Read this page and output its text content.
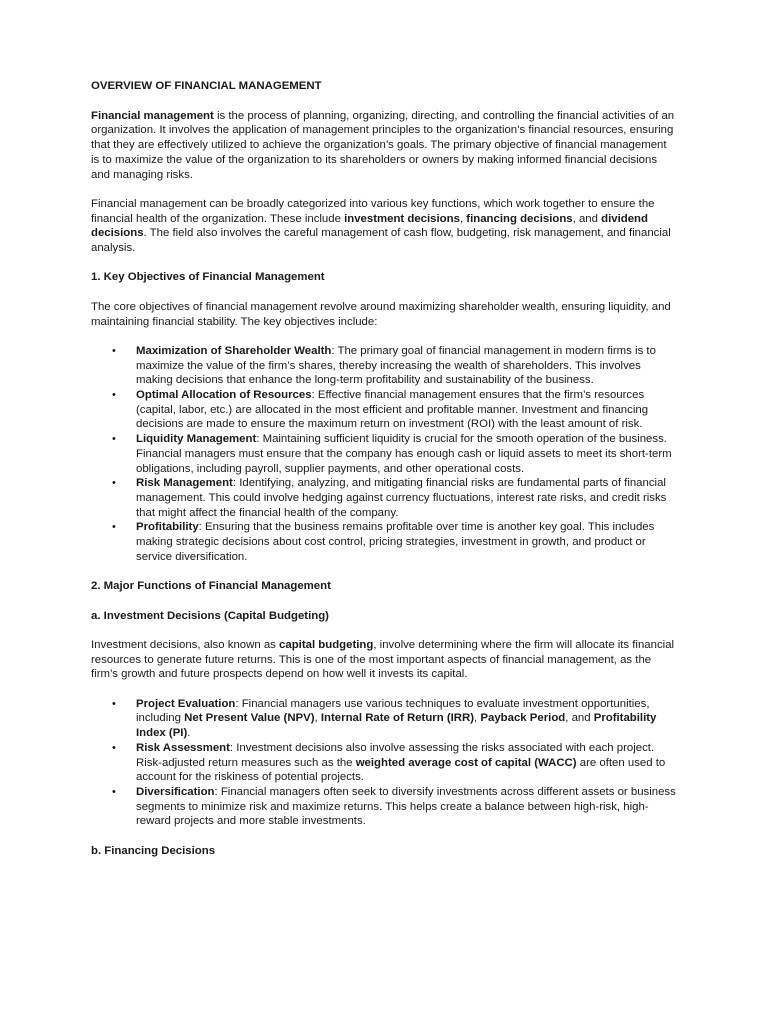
OVERVIEW OF FINANCIAL MANAGEMENT

Financial management is the process of planning, organizing, directing, and controlling the financial activities of an organization. It involves the application of management principles to the organization’s financial resources, ensuring that they are effectively utilized to achieve the organization’s goals. The primary objective of financial management is to maximize the value of the organization to its shareholders or owners by making informed financial decisions and managing risks.

Financial management can be broadly categorized into various key functions, which work together to ensure the financial health of the organization. These include investment decisions, financing decisions, and dividend decisions. The field also involves the careful management of cash flow, budgeting, risk management, and financial analysis.

1. Key Objectives of Financial Management

The core objectives of financial management revolve around maximizing shareholder wealth, ensuring liquidity, and maintaining financial stability. The key objectives include:

• Maximization of Shareholder Wealth: The primary goal of financial management in modern firms is to maximize the value of the firm’s shares, thereby increasing the wealth of shareholders. This involves making decisions that enhance the long-term profitability and sustainability of the business.
• Optimal Allocation of Resources: Effective financial management ensures that the firm’s resources (capital, labor, etc.) are allocated in the most efficient and profitable manner. Investment and financing decisions are made to ensure the maximum return on investment (ROI) with the least amount of risk.
• Liquidity Management: Maintaining sufficient liquidity is crucial for the smooth operation of the business. Financial managers must ensure that the company has enough cash or liquid assets to meet its short-term obligations, including payroll, supplier payments, and other operational costs.
• Risk Management: Identifying, analyzing, and mitigating financial risks are fundamental parts of financial management. This could involve hedging against currency fluctuations, interest rate risks, and credit risks that might affect the financial health of the company.
• Profitability: Ensuring that the business remains profitable over time is another key goal. This includes making strategic decisions about cost control, pricing strategies, investment in growth, and product or service diversification.
2. Major Functions of Financial Management
a. Investment Decisions (Capital Budgeting)

Investment decisions, also known as capital budgeting, involve determining where the firm will allocate its financial resources to generate future returns. This is one of the most important aspects of financial management, as the firm’s growth and future prospects depend on how well it invests its capital.

• Project Evaluation: Financial managers use various techniques to evaluate investment opportunities, including Net Present Value (NPV), Internal Rate of Return (IRR), Payback Period, and Profitability Index (PI).
• Risk Assessment: Investment decisions also involve assessing the risks associated with each project. Risk-adjusted return measures such as the weighted average cost of capital (WACC) are often used to account for the riskiness of potential projects.
• Diversification: Financial managers often seek to diversify investments across different assets or business segments to minimize risk and maximize returns. This helps create a balance between high-risk, high-reward projects and more stable investments.
b. Financing Decisions
